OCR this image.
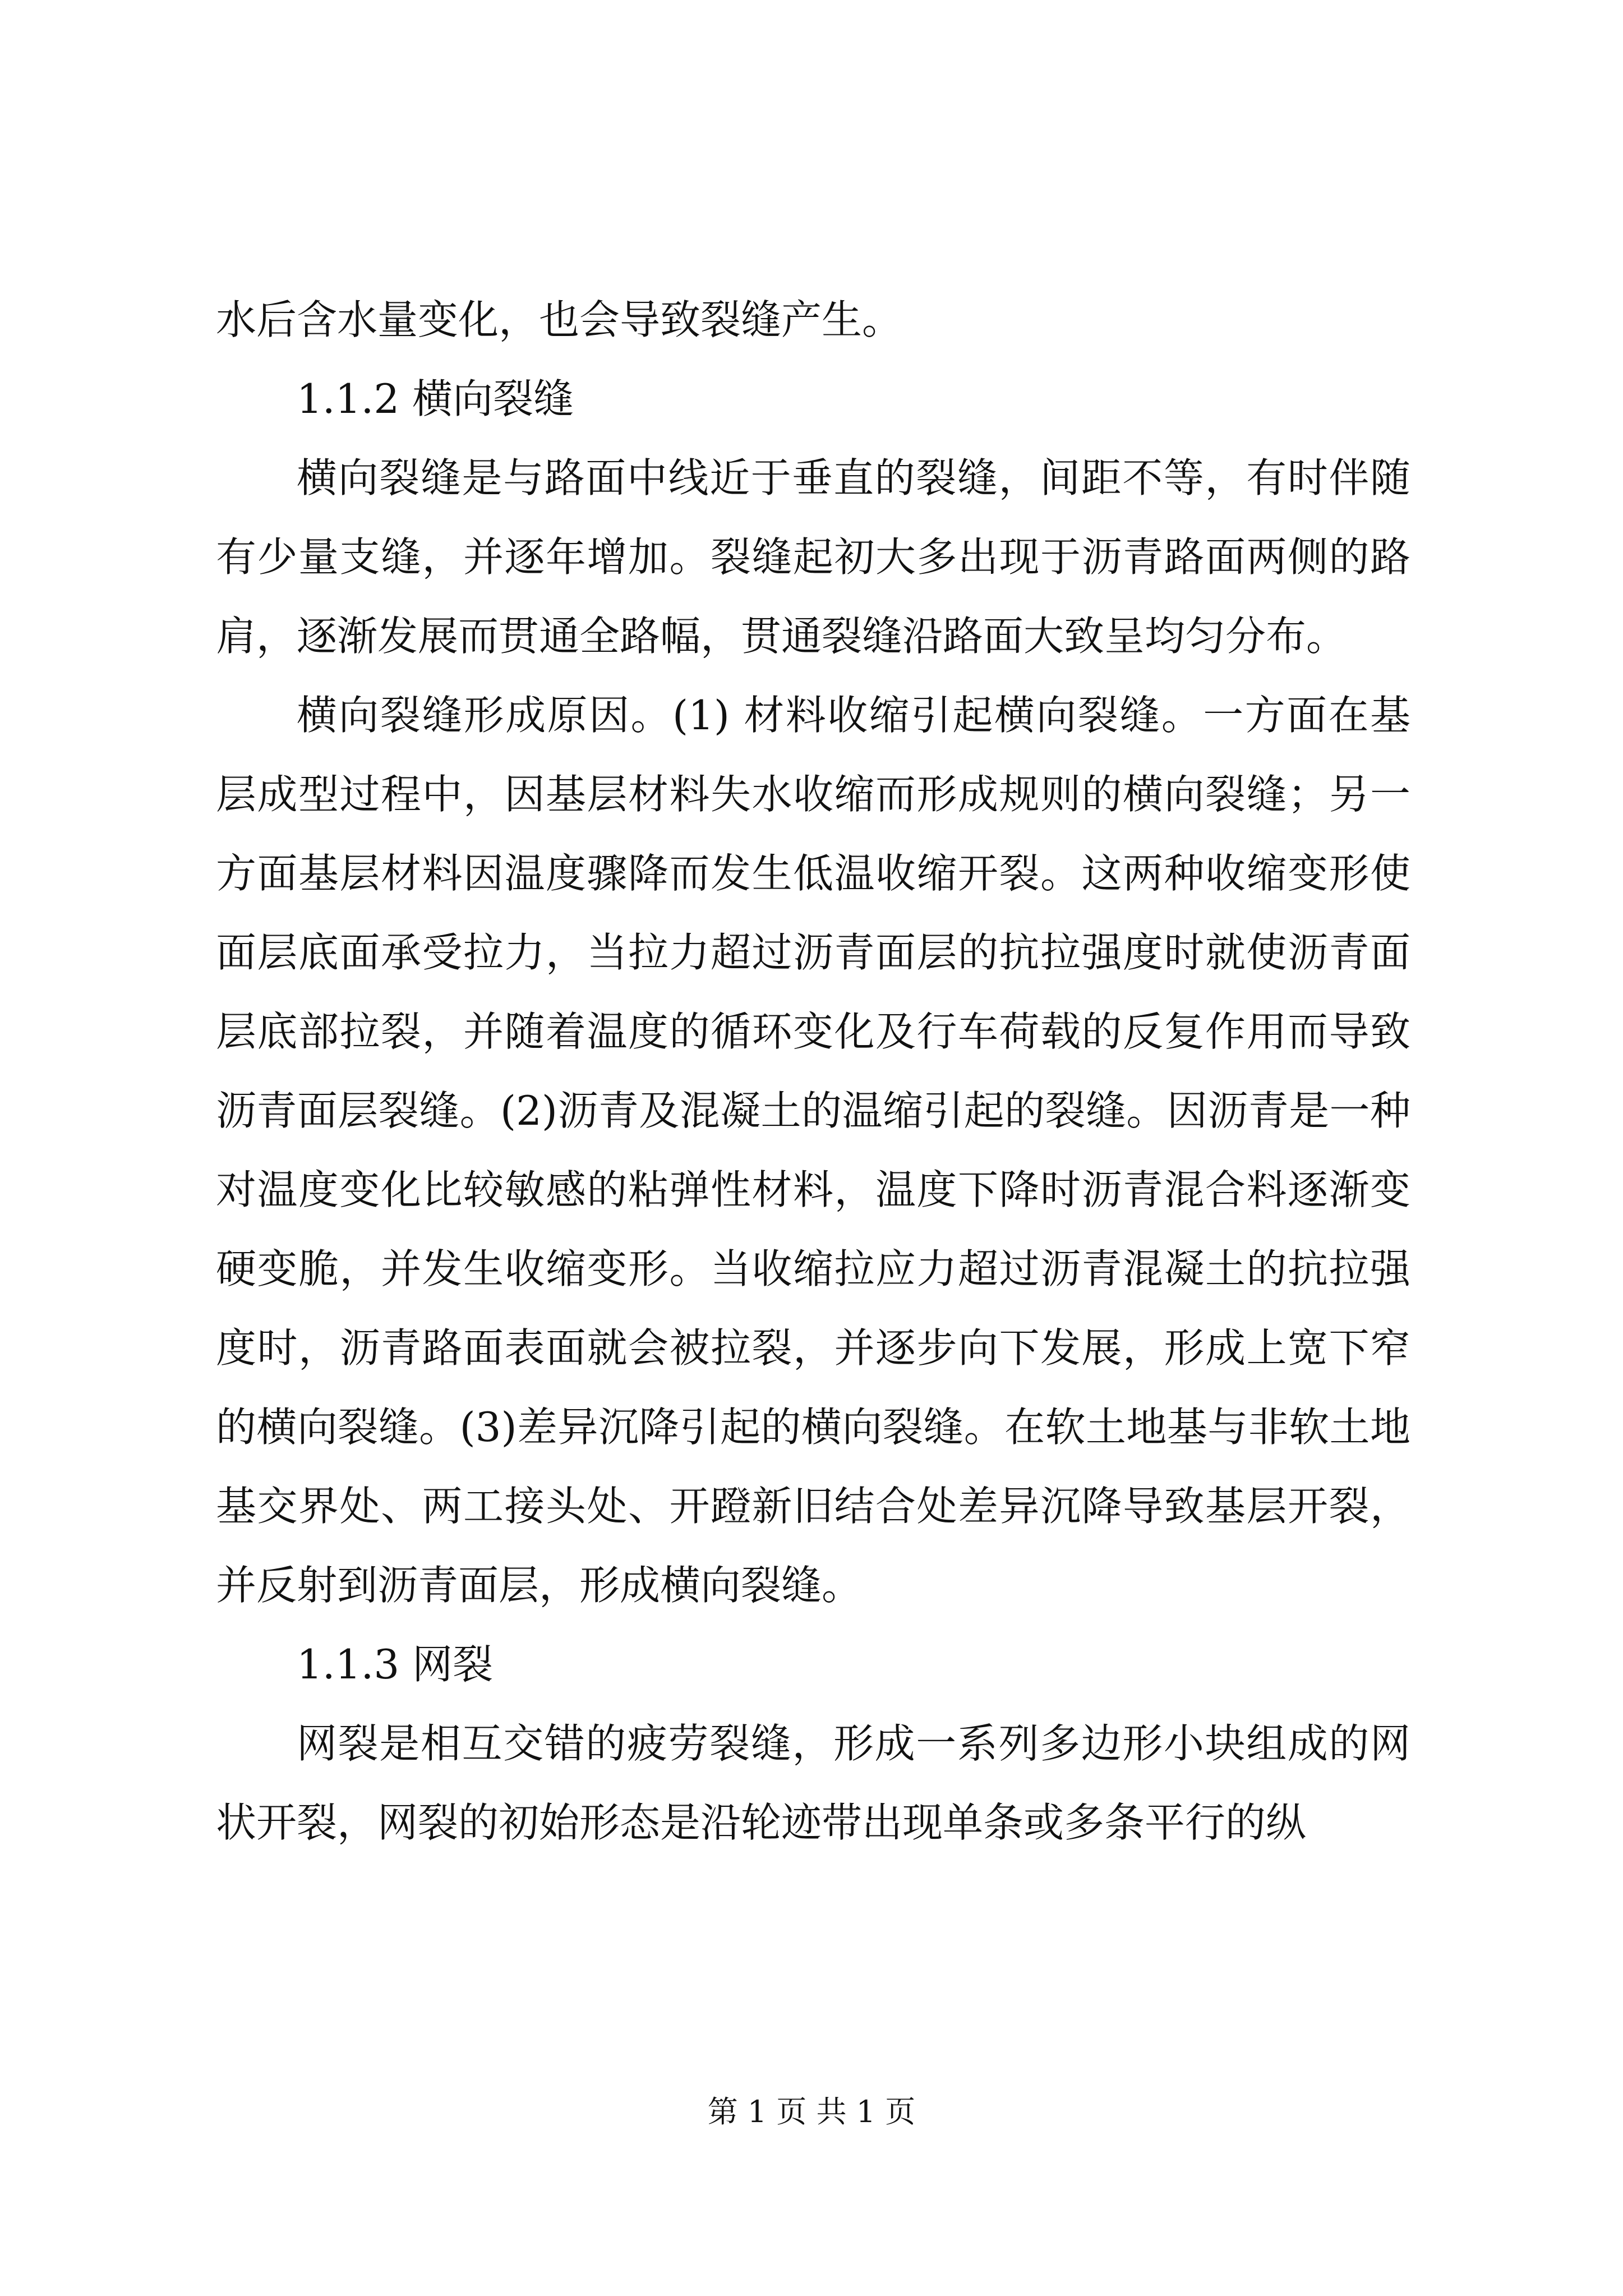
水后含水量变化，也会导致裂缝产生。

1.1.2 横向裂缝

横向裂缝是与路面中线近于垂直的裂缝，间距不等，有时伴随有少量支缝，并逐年增加。裂缝起初大多出现于沥青路面两侧的路肩，逐渐发展而贯通全路幅，贯通裂缝沿路面大致呈均匀分布。

横向裂缝形成原因。(1) 材料收缩引起横向裂缝。一方面在基层成型过程中，因基层材料失水收缩而形成规则的横向裂缝；另一方面基层材料因温度骤降而发生低温收缩开裂。这两种收缩变形使面层底面承受拉力，当拉力超过沥青面层的抗拉强度时就使沥青面层底部拉裂，并随着温度的循环变化及行车荷载的反复作用而导致沥青面层裂缝。(2)沥青及混凝土的温缩引起的裂缝。因沥青是一种对温度变化比较敏感的粘弹性材料，温度下降时沥青混合料逐渐变硬变脆，并发生收缩变形。当收缩拉应力超过沥青混凝土的抗拉强度时，沥青路面表面就会被拉裂，并逐步向下发展，形成上宽下窄的横向裂缝。(3)差异沉降引起的横向裂缝。在软土地基与非软土地基交界处、两工接头处、开蹬新旧结合处差异沉降导致基层开裂，并反射到沥青面层，形成横向裂缝。

1.1.3 网裂

网裂是相互交错的疲劳裂缝，形成一系列多边形小块组成的网状开裂，网裂的初始形态是沿轮迹带出现单条或多条平行的纵

第 1 页 共 1 页
